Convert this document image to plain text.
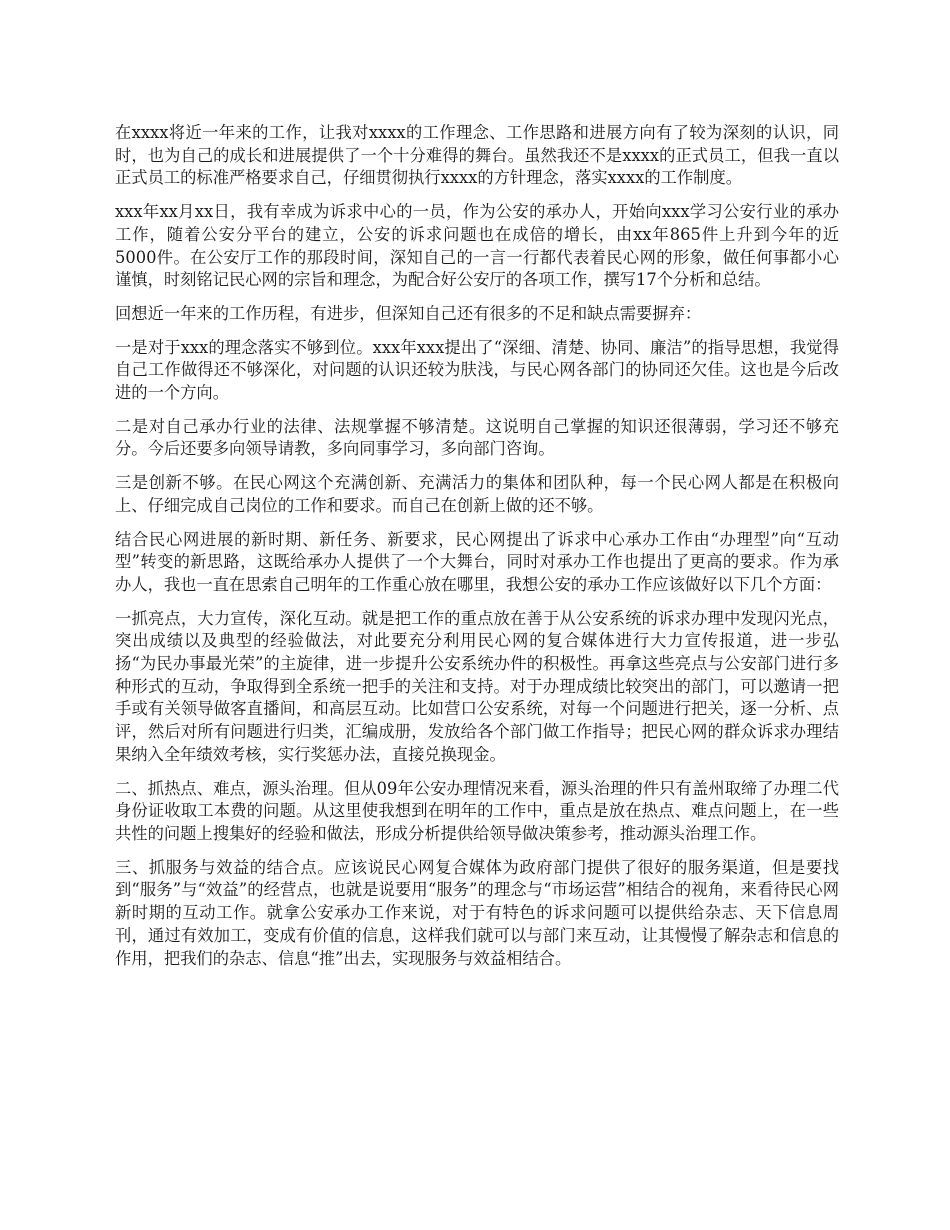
在xxxx将近一年来的工作，让我对xxxx的工作理念、工作思路和进展方向有了较为深刻的认识，同时，也为自己的成长和进展提供了一个十分难得的舞台。虽然我还不是xxxx的正式员工，但我一直以正式员工的标准严格要求自己，仔细贯彻执行xxxx的方针理念，落实xxxx的工作制度。

xxx年xx月xx日，我有幸成为诉求中心的一员，作为公安的承办人，开始向xxx学习公安行业的承办工作，随着公安分平台的建立，公安的诉求问题也在成倍的增长，由xx年865件上升到今年的近5000件。在公安厅工作的那段时间，深知自己的一言一行都代表着民心网的形象，做任何事都小心谨慎，时刻铭记民心网的宗旨和理念，为配合好公安厅的各项工作，撰写17个分析和总结。

回想近一年来的工作历程，有进步，但深知自己还有很多的不足和缺点需要摒弃：

一是对于xxx的理念落实不够到位。xxx年xxx提出了“深细、清楚、协同、廉洁”的指导思想，我觉得自己工作做得还不够深化，对问题的认识还较为肤浅，与民心网各部门的协同还欠佳。这也是今后改进的一个方向。

二是对自己承办行业的法律、法规掌握不够清楚。这说明自己掌握的知识还很薄弱，学习还不够充分。今后还要多向领导请教，多向同事学习，多向部门咨询。

三是创新不够。在民心网这个充满创新、充满活力的集体和团队种，每一个民心网人都是在积极向上、仔细完成自己岗位的工作和要求。而自己在创新上做的还不够。

结合民心网进展的新时期、新任务、新要求，民心网提出了诉求中心承办工作由“办理型”向“互动型”转变的新思路，这既给承办人提供了一个大舞台，同时对承办工作也提出了更高的要求。作为承办人，我也一直在思索自己明年的工作重心放在哪里，我想公安的承办工作应该做好以下几个方面：

一抓亮点，大力宣传，深化互动。就是把工作的重点放在善于从公安系统的诉求办理中发现闪光点，突出成绩以及典型的经验做法，对此要充分利用民心网的复合媒体进行大力宣传报道，进一步弘扬“为民办事最光荣”的主旋律，进一步提升公安系统办件的积极性。再拿这些亮点与公安部门进行多种形式的互动，争取得到全系统一把手的关注和支持。对于办理成绩比较突出的部门，可以邀请一把手或有关领导做客直播间，和高层互动。比如营口公安系统，对每一个问题进行把关，逐一分析、点评，然后对所有问题进行归类，汇编成册，发放给各个部门做工作指导；把民心网的群众诉求办理结果纳入全年绩效考核，实行奖惩办法，直接兑换现金。

二、抓热点、难点，源头治理。但从09年公安办理情况来看，源头治理的件只有盖州取缔了办理二代身份证收取工本费的问题。从这里使我想到在明年的工作中，重点是放在热点、难点问题上，在一些共性的问题上搜集好的经验和做法，形成分析提供给领导做决策参考，推动源头治理工作。

三、抓服务与效益的结合点。应该说民心网复合媒体为政府部门提供了很好的服务渠道，但是要找到“服务”与“效益”的经营点，也就是说要用“服务”的理念与“市场运营”相结合的视角，来看待民心网新时期的互动工作。就拿公安承办工作来说，对于有特色的诉求问题可以提供给杂志、天下信息周刊，通过有效加工，变成有价值的信息，这样我们就可以与部门来互动，让其慢慢了解杂志和信息的作用，把我们的杂志、信息“推”出去，实现服务与效益相结合。
